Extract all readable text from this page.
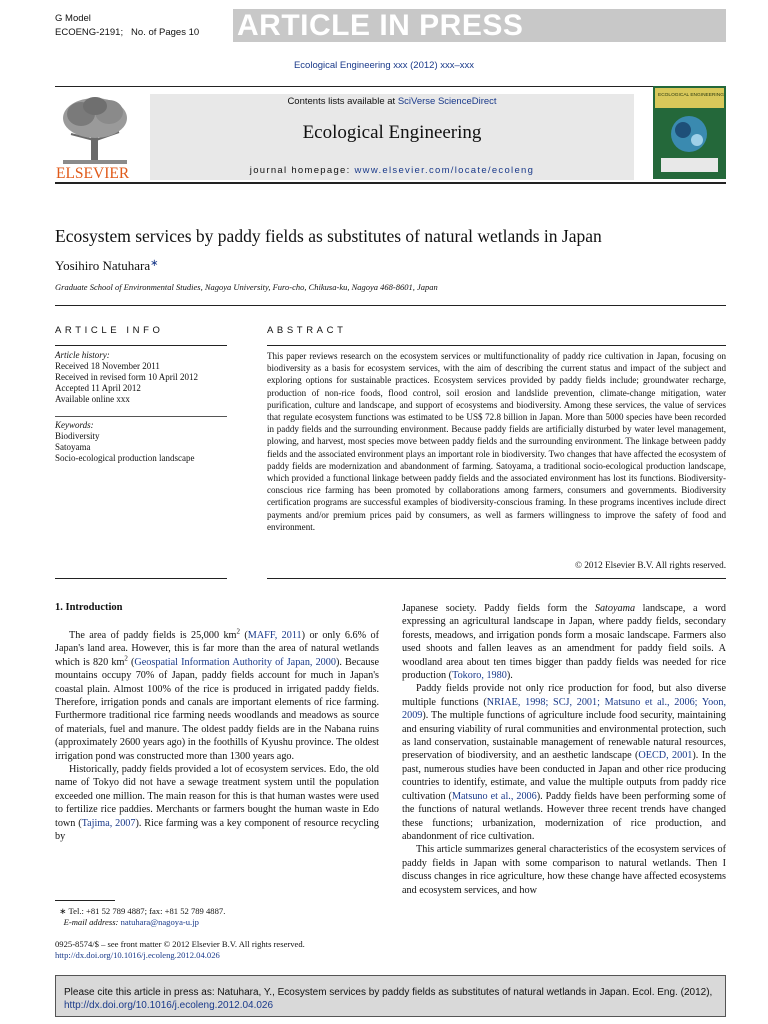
G Model
ECOENG-2191; No. of Pages 10 ARTICLE IN PRESS
Ecological Engineering xxx (2012) xxx–xxx
ELSEVIER
Contents lists available at SciVerse ScienceDirect
Ecological Engineering
journal homepage: www.elsevier.com/locate/ecoleng
ECOLOGICAL ENGINEERING
Ecosystem services by paddy fields as substitutes of natural wetlands in Japan
Yosihiro Natuhara∗
Graduate School of Environmental Studies, Nagoya University, Furo-cho, Chikusa-ku, Nagoya 468-8601, Japan
ARTICLE INFO	ABSTRACT
Article history:
Received 18 November 2011
Received in revised form 10 April 2012
Accepted 11 April 2012
Available online xxx
Keywords:
Biodiversity
Satoyama
Socio-ecological production landscape

This paper reviews research on the ecosystem services or multifunctionality of paddy rice cultivation in Japan, focusing on biodiversity as a basis for ecosystem services, with the aim of describing the current status and impact of the subject and exploring options for sustainable practices. Ecosystem services provided by paddy fields include; groundwater recharge, production of non-rice foods, flood control, soil erosion and landslide prevention, climate-change mitigation, water purification, culture and landscape, and support of ecosystems and biodiversity. Among these services, the value of services that regulate ecosystem functions was estimated to be US$ 72.8 billion in Japan. More than 5000 species have been recorded in paddy fields and the surrounding environment. Because paddy fields are artificially disturbed by water level management, plowing, and harvest, most species move between paddy fields and the surrounding environment. The linkage between paddy fields and the associated environment plays an important role in biodiversity. Two changes that have affected the ecosystem of paddy fields are modernization and abandonment of farming. Satoyama, a traditional socio-ecological production landscape, which provided a functional linkage between paddy fields and the associated environment has lost its functions. Biodiversity-conscious rice farming has been promoted by collaborations among farmers, consumers and governments. Biodiversity certification programs are successful examples of biodiversity-conscious framing. In these programs incentives include direct payments and/or premium prices paid by consumers, as well as farmers willingness to improve the safety of food and environment.

© 2012 Elsevier B.V. All rights reserved.
1. Introduction

The area of paddy fields is 25,000 $km^2$ (MAFF, 2011) or only 6.6% of Japan's land area. However, this is far more than the area of natural wetlands which is 820 $km^2$ (Geospatial Information Authority of Japan, 2000). Because mountains occupy 70% of Japan, paddy fields account for much in Japan's coastal plain. Almost 100% of the rice is produced in irrigated paddy fields. Therefore, irrigation ponds and canals are important elements of rice farming. Furthermore traditional rice farming needs woodlands and meadows as source of materials, fuel and manure. The oldest paddy fields are in the Nabana ruins (approximately 2600 years ago) in the foothills of Kyushu province. The oldest irrigation pond was constructed more than 1300 years ago.

Historically, paddy fields provided a lot of ecosystem services. Edo, the old name of Tokyo did not have a sewage treatment system until the population exceeded one million. The main reason for this is that human wastes were used to fertilize rice paddies. Merchants or farmers bought the human waste in Edo town (Tajima, 2007). Rice farming was a key component of resource recycling by

Japanese society. Paddy fields form the Satoyama landscape, a word expressing an agricultural landscape in Japan, where paddy fields, secondary forests, meadows, and irrigation ponds form a mosaic landscape. Farmers also used shoots and fallen leaves as an amendment for paddy field soils. A woodland area about ten times bigger than paddy fields was needed for rice production (Tokoro, 1980).

Paddy fields provide not only rice production for food, but also diverse multiple functions (NRIAE, 1998; SCJ, 2001; Matsuno et al., 2006; Yoon, 2009). The multiple functions of agriculture include food security, maintaining and ensuring viability of rural communities and environmental protection, such as land conservation, sustainable management of renewable natural resources, preservation of biodiversity, and an aesthetic landscape (OECD, 2001). In the past, numerous studies have been conducted in Japan and other rice producing countries to identify, estimate, and value the multiple outputs from paddy rice cultivation (Matsuno et al., 2006). Paddy fields have been performing some of the functions of natural wetlands. However three recent trends have changed these functions; urbanization, modernization of rice production, and abandonment of rice cultivation.

This article summarizes general characteristics of the ecosystem services of paddy fields in Japan with some comparison to natural wetlands. Then I discuss changes in rice agriculture, how these change have affected ecosystems and ecosystem services, and how

∗ Tel.: +81 52 789 4887; fax: +81 52 789 4887.
E-mail address: natuhara@nagoya-u.jp
0925-8574/$ – see front matter © 2012 Elsevier B.V. All rights reserved.
http://dx.doi.org/10.1016/j.ecoleng.2012.04.026
Please cite this article in press as: Natuhara, Y., Ecosystem services by paddy fields as substitutes of natural wetlands in Japan. Ecol. Eng. (2012),
http://dx.doi.org/10.1016/j.ecoleng.2012.04.026
